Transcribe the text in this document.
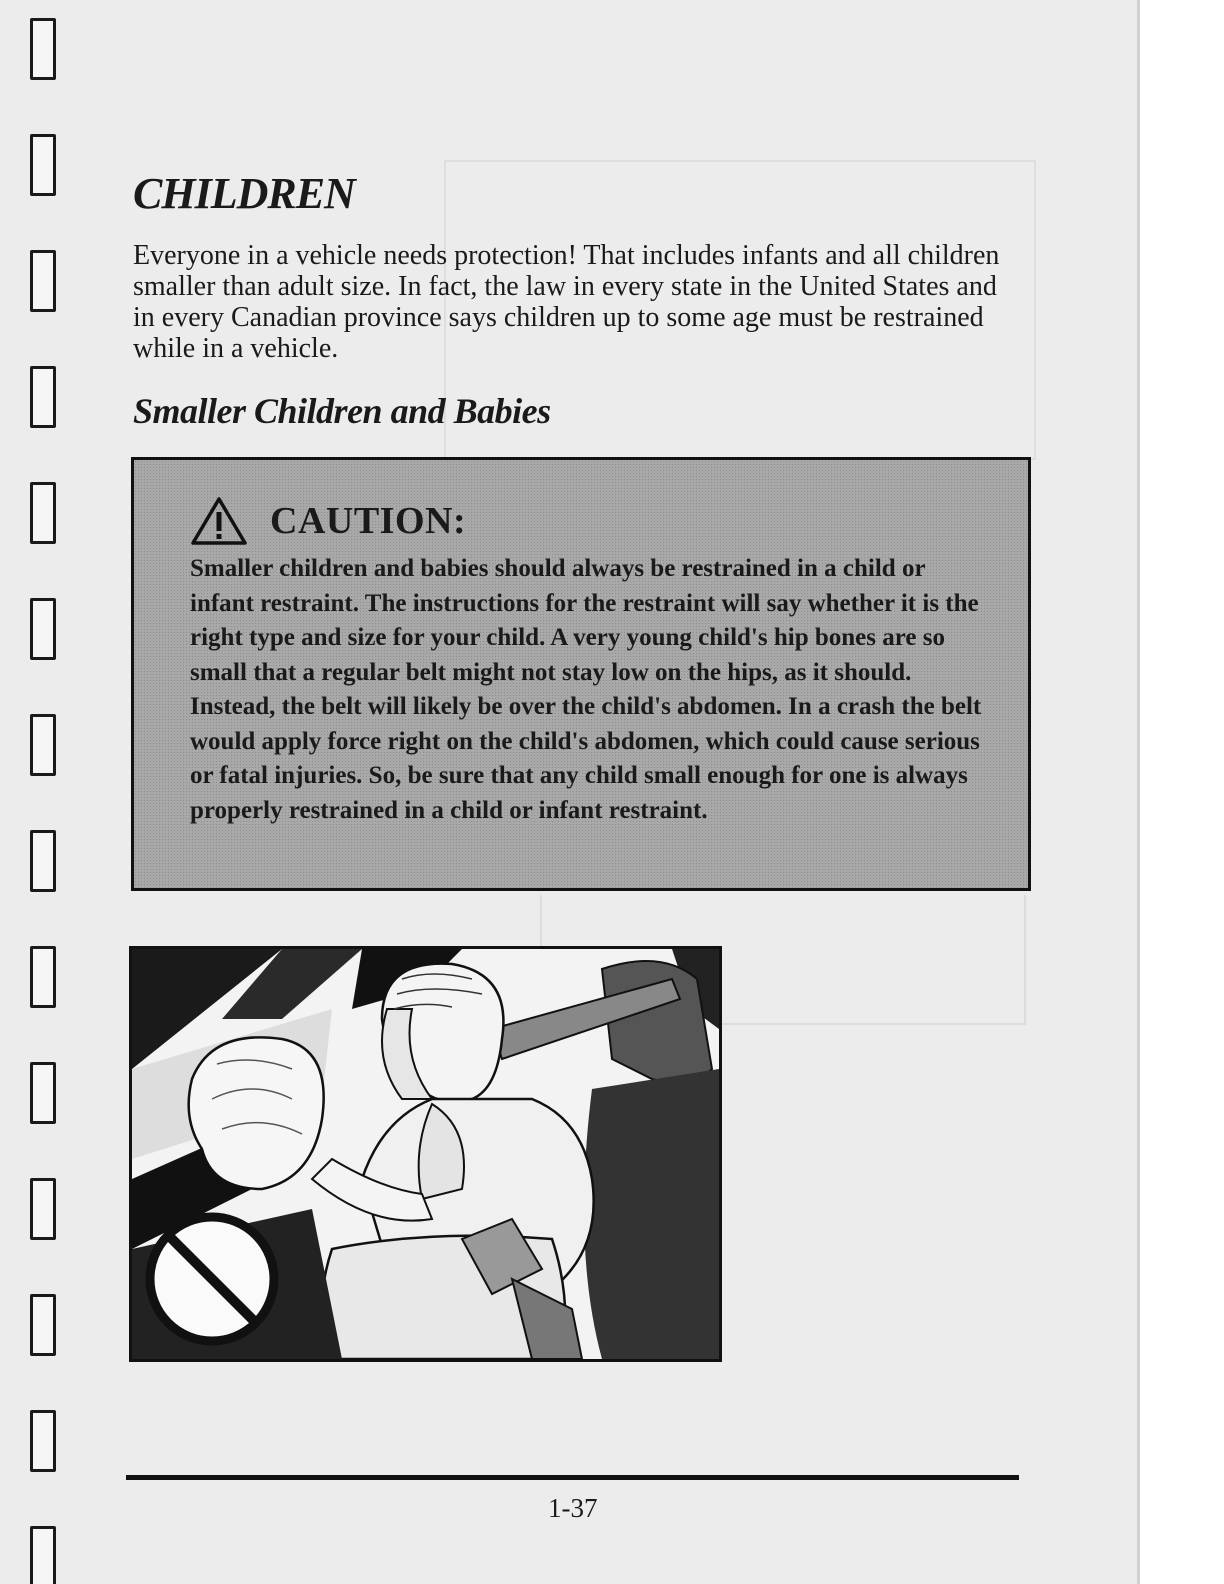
CHILDREN

Everyone in a vehicle needs protection! That includes infants and all children smaller than adult size. In fact, the law in every state in the United States and in every Canadian province says children up to some age must be restrained while in a vehicle.

Smaller Children and Babies
CAUTION:

Smaller children and babies should always be restrained in a child or infant restraint. The instructions for the restraint will say whether it is the right type and size for your child. A very young child's hip bones are so small that a regular belt might not stay low on the hips, as it should. Instead, the belt will likely be over the child's abdomen. In a crash the belt would apply force right on the child's abdomen, which could cause serious or fatal injuries. So, be sure that any child small enough for one is always properly restrained in a child or infant restraint.

1-37
